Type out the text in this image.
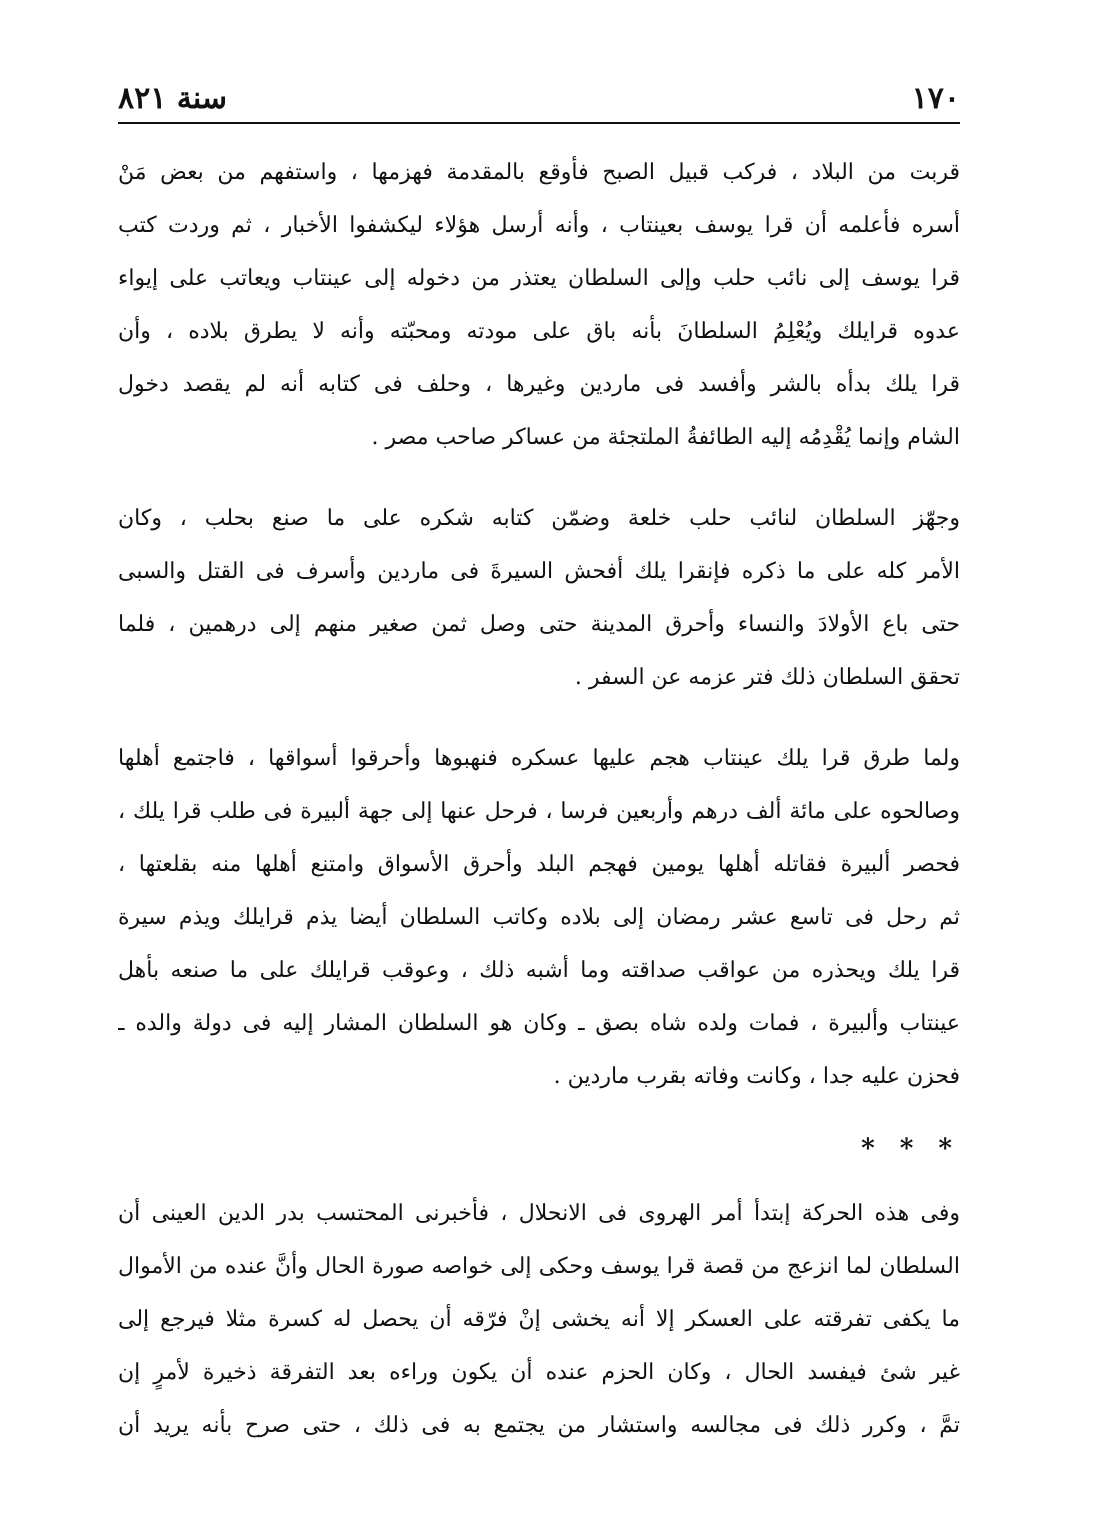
١٧٠
سنة ٨٢١
قربت من البلاد ، فركب قبيل الصبح فأوقع بالمقدمة فهزمها ، واستفهم من بعض مَنْ
أسره فأعلمه أن قرا يوسف بعينتاب ، وأنه أرسل هؤلاء ليكشفوا الأخبار ، ثم وردت كتب
قرا يوسف إلى نائب حلب وإلى السلطان يعتذر من دخوله إلى عينتاب ويعاتب على إيواء
عدوه قرايلك ويُعْلِمُ السلطانَ بأنه باق على مودته ومحبّته وأنه لا يطرق بلاده ، وأن
قرا يلك بدأه بالشر وأفسد فى ماردين وغيرها ، وحلف فى كتابه أنه لم يقصد دخول
الشام وإنما يُقْدِمُه إليه الطائفةُ الملتجئة من عساكر صاحب مصر .
وجهّز السلطان لنائب حلب خلعة وضمّن كتابه شكره على ما صنع بحلب ، وكان
الأمر كله على ما ذكره فإنقرا يلك أفحش السيرةَ فى ماردين وأسرف فى القتل والسبى
حتى باع الأولادَ والنساء وأحرق المدينة حتى وصل ثمن صغير منهم إلى درهمين ، فلما
تحقق السلطان ذلك فتر عزمه عن السفر .
ولما طرق قرا يلك عينتاب هجم عليها عسكره فنهبوها وأحرقوا أسواقها ، فاجتمع أهلها
وصالحوه على مائة ألف درهم وأربعين فرسا ، فرحل عنها إلى جهة ألبيرة فى طلب قرا يلك ،
فحصر ألبيرة فقاتله أهلها يومين فهجم البلد وأحرق الأسواق وامتنع أهلها منه بقلعتها ،
ثم رحل فى تاسع عشر رمضان إلى بلاده وكاتب السلطان أيضا يذم قرايلك ويذم سيرة
قرا يلك ويحذره من عواقب صداقته وما أشبه ذلك ، وعوقب قرايلك على ما صنعه بأهل
عينتاب وألبيرة ، فمات ولده شاه بصق ـ وكان هو السلطان المشار إليه فى دولة والده ـ
فحزن عليه جدا ، وكانت وفاته بقرب ماردين .
* * *
وفى هذه الحركة إبتدأ أمر الهروى فى الانحلال ، فأخبرنى المحتسب بدر الدين العينى أن
السلطان لما انزعج من قصة قرا يوسف وحكى إلى خواصه صورة الحال وأنَّ عنده من الأموال
ما يكفى تفرقته على العسكر إلا أنه يخشى إنْ فرّقه أن يحصل له كسرة مثلا فيرجع إلى
غير شئ فيفسد الحال ، وكان الحزم عنده أن يكون وراءه بعد التفرقة ذخيرة لأمرٍ إن
تمَّ ، وكرر ذلك فى مجالسه واستشار من يجتمع به فى ذلك ، حتى صرح بأنه يريد أن
